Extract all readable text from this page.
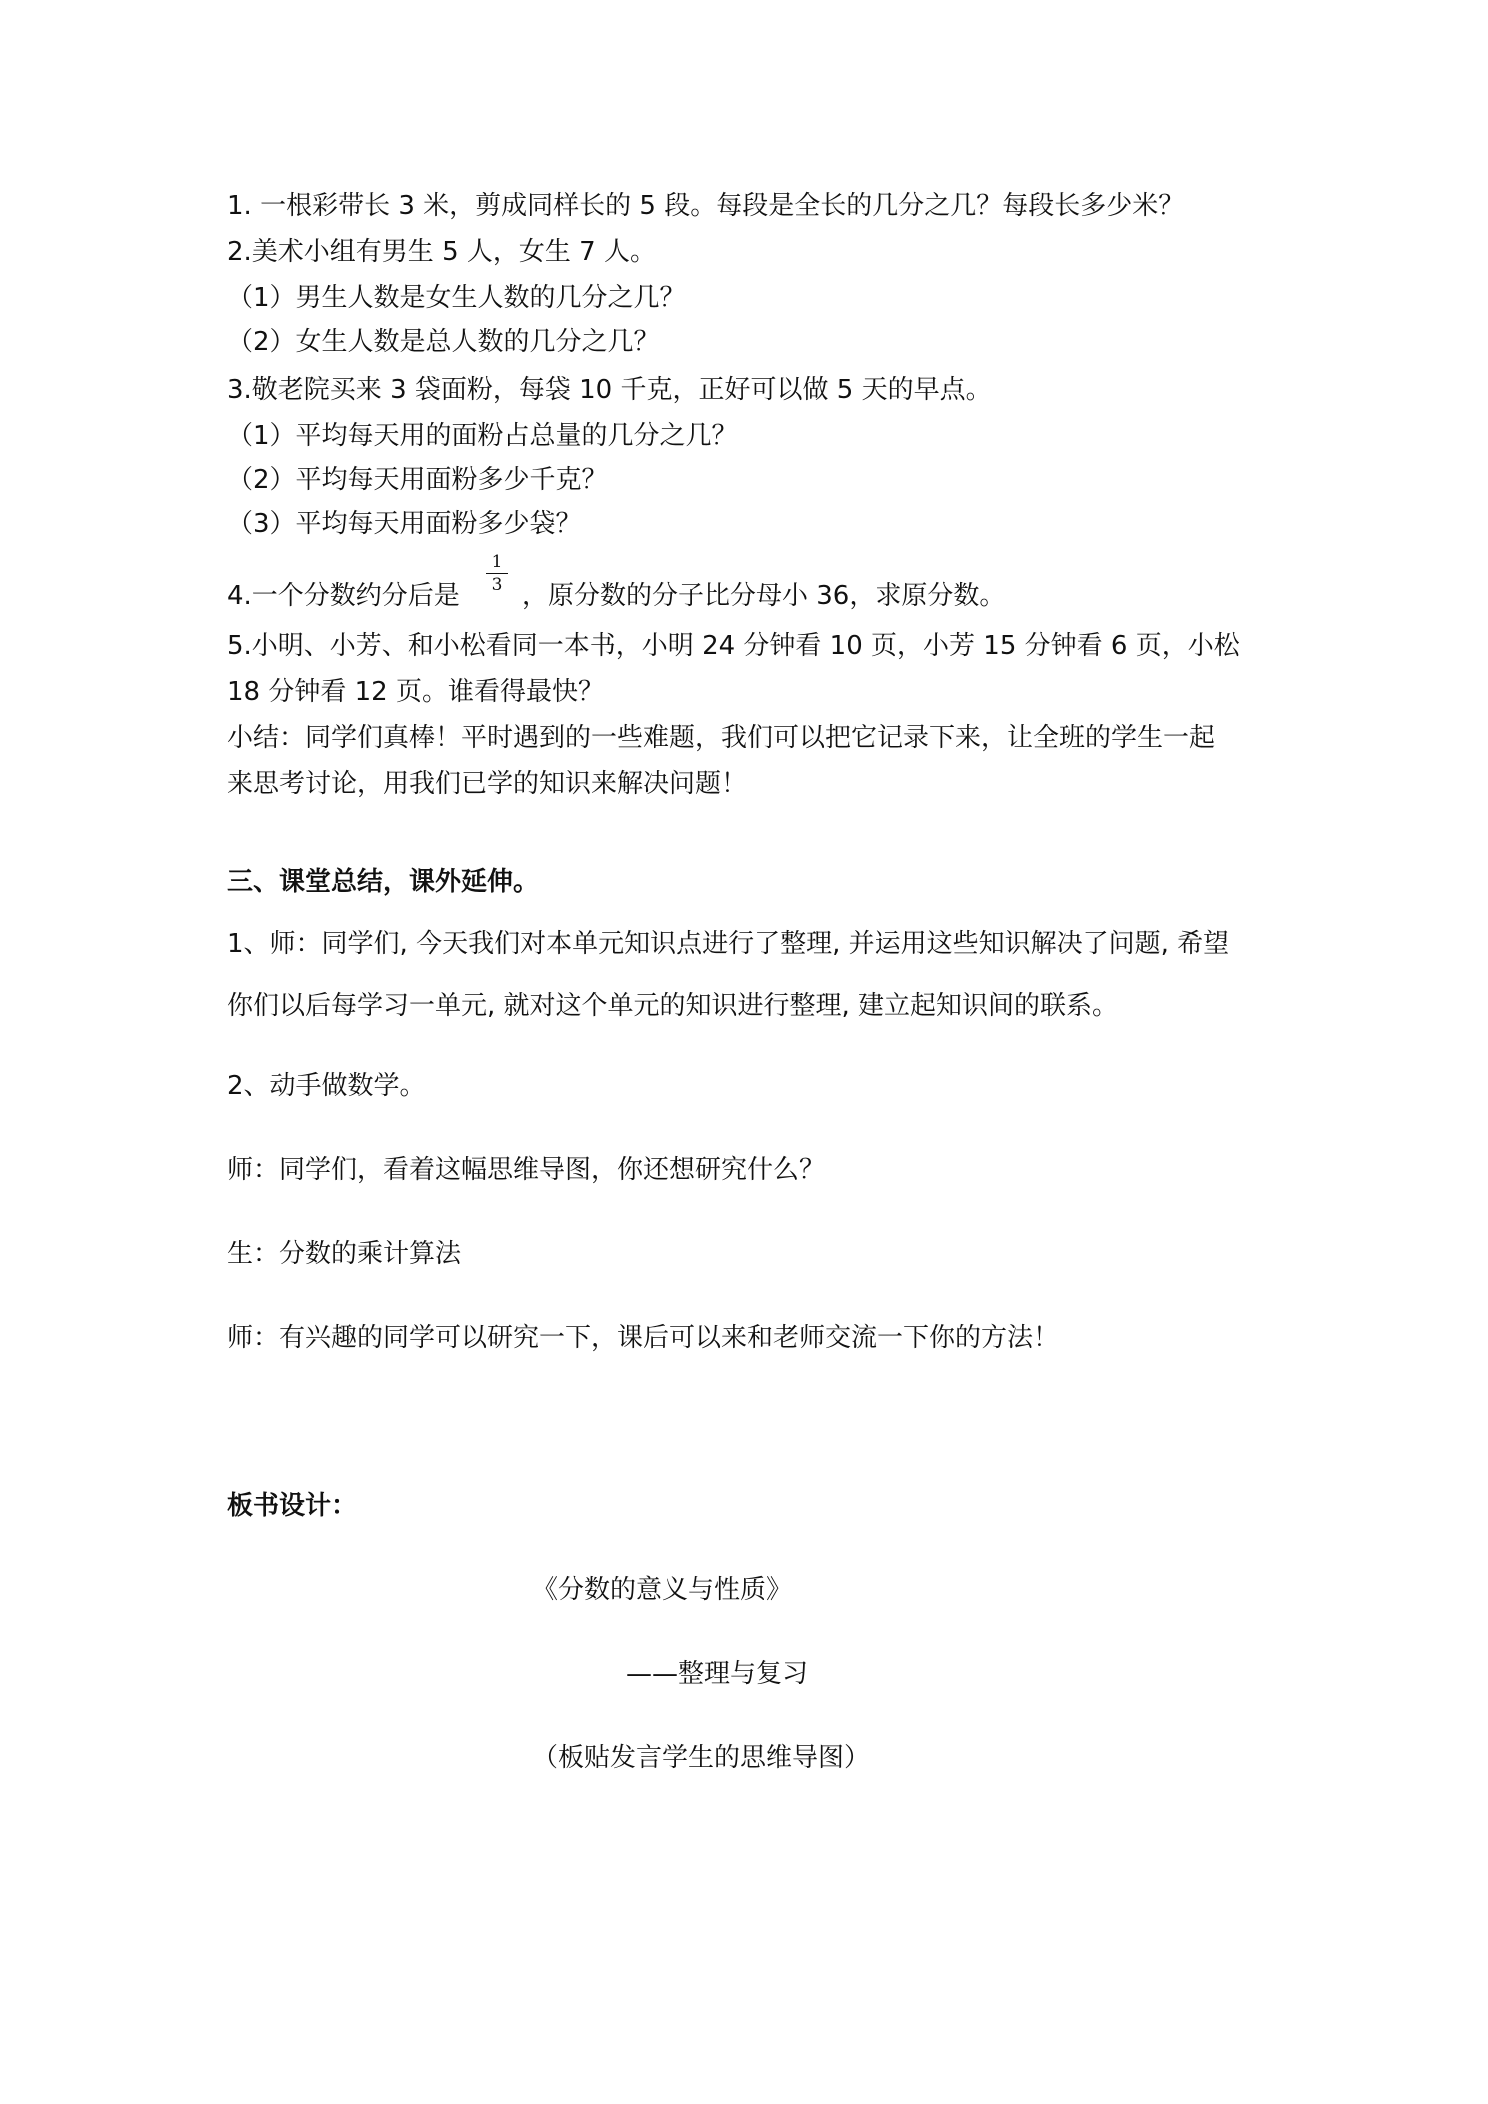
1. 一根彩带长 3 米，剪成同样长的 5 段。每段是全长的几分之几？每段长多少米？
2.美术小组有男生 5 人，女生 7 人。
（1）男生人数是女生人数的几分之几？
（2）女生人数是总人数的几分之几？
3.敬老院买来 3 袋面粉，每袋 10 千克，正好可以做 5 天的早点。
（1）平均每天用的面粉占总量的几分之几？
（2）平均每天用面粉多少千克？
（3）平均每天用面粉多少袋？
4.一个分数约分后是
1
3 ，原分数的分子比分母小 36，求原分数。
5.小明、小芳、和小松看同一本书，小明 24 分钟看 10 页，小芳 15 分钟看 6 页，小松
18 分钟看 12 页。谁看得最快？
小结：同学们真棒！平时遇到的一些难题，我们可以把它记录下来，让全班的学生一起
来思考讨论，用我们已学的知识来解决问题！
三、课堂总结，课外延伸。
1、师：同学们, 今天我们对本单元知识点进行了整理, 并运用这些知识解决了问题, 希望
你们以后每学习一单元, 就对这个单元的知识进行整理, 建立起知识间的联系。
2、动手做数学。
师：同学们，看着这幅思维导图，你还想研究什么？
生：分数的乘计算法
师：有兴趣的同学可以研究一下，课后可以来和老师交流一下你的方法！
板书设计：
《分数的意义与性质》
——整理与复习
（板贴发言学生的思维导图）
